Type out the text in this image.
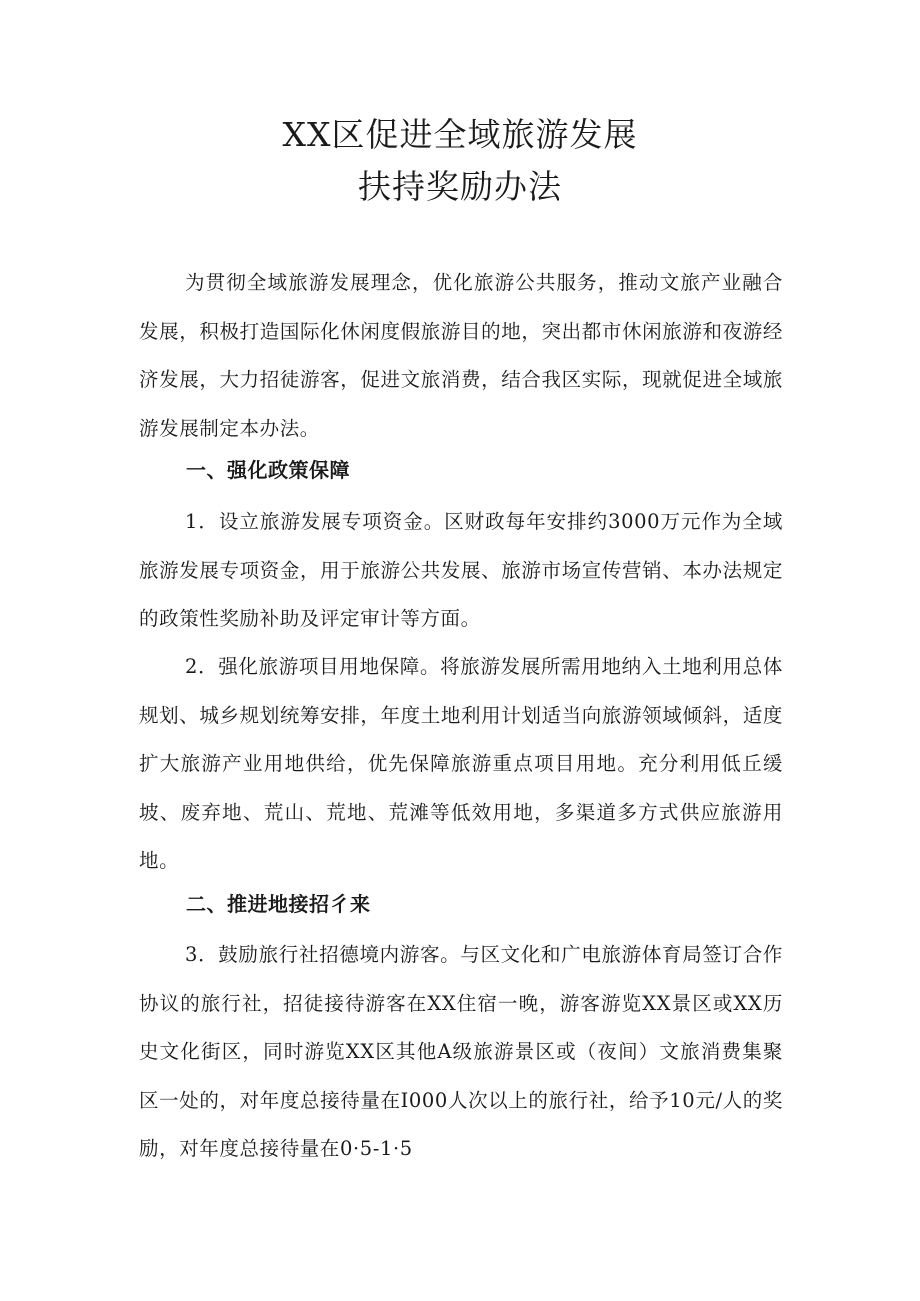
XX区促进全域旅游发展
扶持奖励办法

为贯彻全域旅游发展理念，优化旅游公共服务，推动文旅产业融合发展，积极打造国际化休闲度假旅游目的地，突出都市休闲旅游和夜游经济发展，大力招徒游客，促进文旅消费，结合我区实际，现就促进全域旅游发展制定本办法。

一、强化政策保障

1．设立旅游发展专项资金。区财政每年安排约3000万元作为全域旅游发展专项资金，用于旅游公共发展、旅游市场宣传营销、本办法规定的政策性奖励补助及评定审计等方面。

2．强化旅游项目用地保障。将旅游发展所需用地纳入土地利用总体规划、城乡规划统筹安排，年度土地利用计划适当向旅游领域倾斜，适度扩大旅游产业用地供给，优先保障旅游重点项目用地。充分利用低丘缓坡、废弃地、荒山、荒地、荒滩等低效用地，多渠道多方式供应旅游用地。

二、推进地接招彳来

3．鼓励旅行社招德境内游客。与区文化和广电旅游体育局签订合作协议的旅行社，招徒接待游客在XX住宿一晚，游客游览XX景区或XX历史文化街区，同时游览XX区其他A级旅游景区或（夜间）文旅消费集聚区一处的，对年度总接待量在I000人次以上的旅行社，给予10元/人的奖励，对年度总接待量在0·5-1·5
